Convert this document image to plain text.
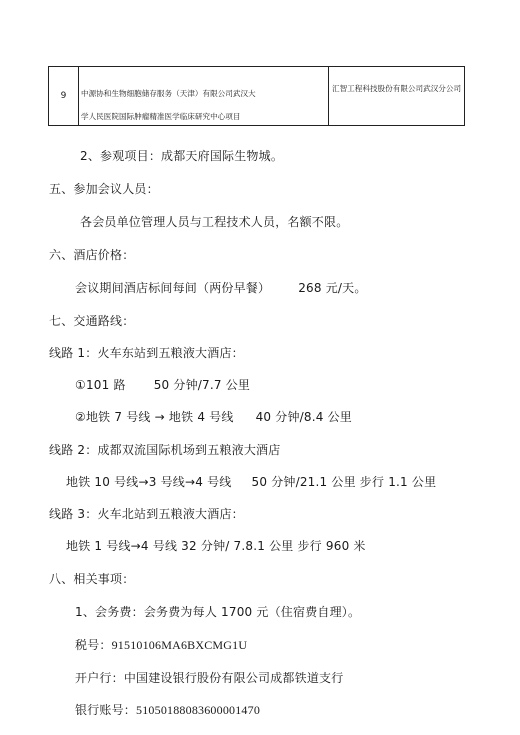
9	中源协和生物细胞储存服务（天津）有限公司武汉大
学人民医院国际肿瘤精准医学临床研究中心项目
汇智工程科技股份有限公司武汉分公司
2、参观项目：成都天府国际生物城。
五、参加会议人员：
各会员单位管理人员与工程技术人员，名额不限。
六、酒店价格：
会议期间酒店标间每间（两份早餐） 268 元/天。
七、交通路线：
线路 1：火车东站到五粮液大酒店：
①101 路 50 分钟/7.7 公里
②地铁 7 号线 → 地铁 4 号线 40 分钟/8.4 公里
线路 2：成都双流国际机场到五粮液大酒店
地铁 10 号线→3 号线→4 号线 50 分钟/21.1 公里 步行 1.1 公里
线路 3：火车北站到五粮液大酒店：
地铁 1 号线→4 号线 32 分钟/ 7.8.1 公里 步行 960 米
八、相关事项：
1、会务费：会务费为每人 1700 元（住宿费自理）。
税号：91510106MA6BXCMG1U
开户行：中国建设银行股份有限公司成都铁道支行
银行账号：51050188083600001470
